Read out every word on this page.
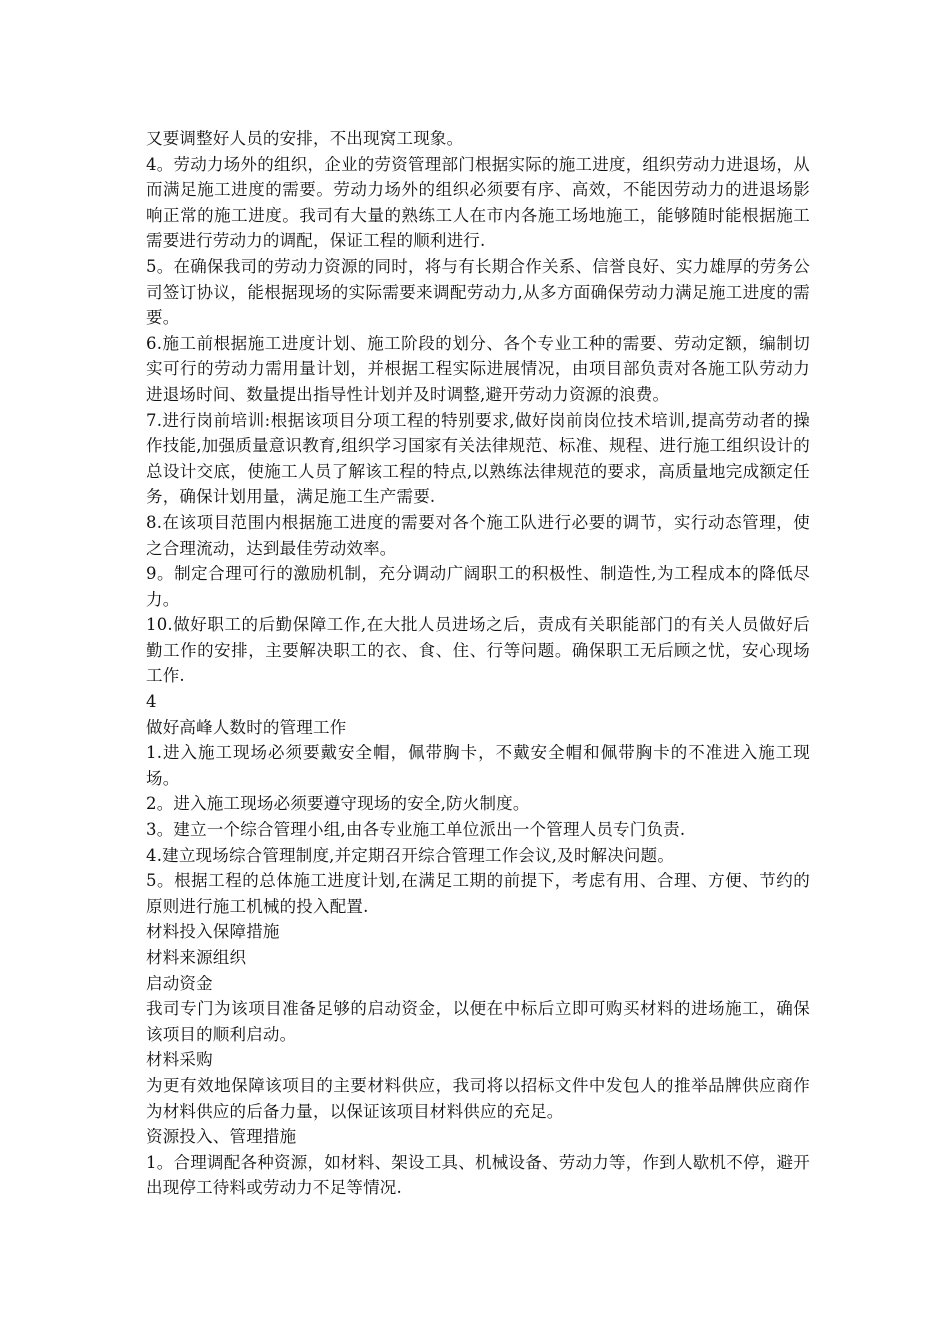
又要调整好人员的安排，不出现窝工现象。

4。劳动力场外的组织，企业的劳资管理部门根据实际的施工进度，组织劳动力进退场，从而满足施工进度的需要。劳动力场外的组织必须要有序、高效，不能因劳动力的进退场影响正常的施工进度。我司有大量的熟练工人在市内各施工场地施工，能够随时能根据施工需要进行劳动力的调配，保证工程的顺利进行.

5。在确保我司的劳动力资源的同时，将与有长期合作关系、信誉良好、实力雄厚的劳务公司签订协议，能根据现场的实际需要来调配劳动力,从多方面确保劳动力满足施工进度的需要。

6.施工前根据施工进度计划、施工阶段的划分、各个专业工种的需要、劳动定额，编制切实可行的劳动力需用量计划，并根据工程实际进展情况，由项目部负责对各施工队劳动力进退场时间、数量提出指导性计划并及时调整,避开劳动力资源的浪费。

7.进行岗前培训:根据该项目分项工程的特别要求,做好岗前岗位技术培训,提高劳动者的操作技能,加强质量意识教育,组织学习国家有关法律规范、标准、规程、进行施工组织设计的总设计交底，使施工人员了解该工程的特点,以熟练法律规范的要求，高质量地完成额定任务，确保计划用量，满足施工生产需要.

8.在该项目范围内根据施工进度的需要对各个施工队进行必要的调节，实行动态管理，使之合理流动，达到最佳劳动效率。

9。制定合理可行的激励机制，充分调动广阔职工的积极性、制造性,为工程成本的降低尽力。

10.做好职工的后勤保障工作,在大批人员进场之后，责成有关职能部门的有关人员做好后勤工作的安排，主要解决职工的衣、食、住、行等问题。确保职工无后顾之忧，安心现场工作.

4

做好高峰人数时的管理工作

1.进入施工现场必须要戴安全帽，佩带胸卡，不戴安全帽和佩带胸卡的不准进入施工现场。

2。进入施工现场必须要遵守现场的安全,防火制度。

3。建立一个综合管理小组,由各专业施工单位派出一个管理人员专门负责.

4.建立现场综合管理制度,并定期召开综合管理工作会议,及时解决问题。

5。根据工程的总体施工进度计划,在满足工期的前提下，考虑有用、合理、方便、节约的原则进行施工机械的投入配置.

材料投入保障措施

材料来源组织

启动资金

我司专门为该项目准备足够的启动资金，以便在中标后立即可购买材料的进场施工，确保该项目的顺利启动。

材料采购

为更有效地保障该项目的主要材料供应，我司将以招标文件中发包人的推举品牌供应商作为材料供应的后备力量，以保证该项目材料供应的充足。

资源投入、管理措施

1。合理调配各种资源，如材料、架设工具、机械设备、劳动力等，作到人歇机不停，避开出现停工待料或劳动力不足等情况.
